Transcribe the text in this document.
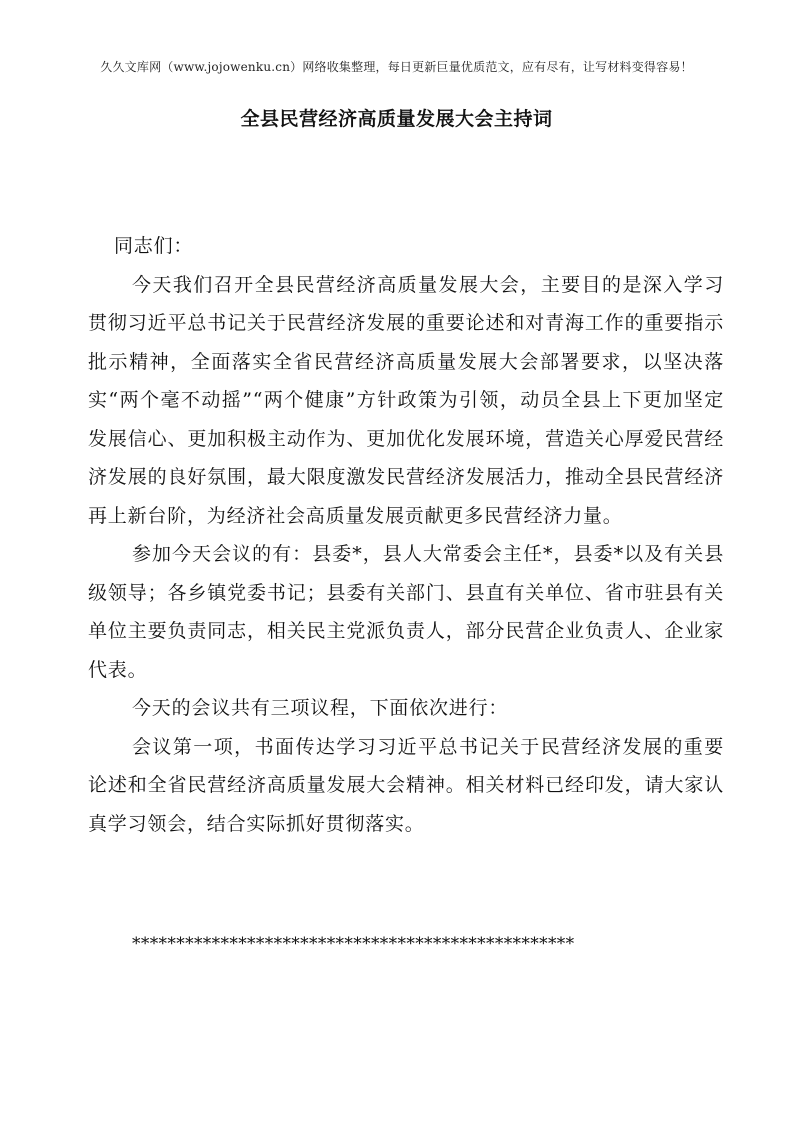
久久文库网（www.jojowenku.cn）网络收集整理，每日更新巨量优质范文，应有尽有，让写材料变得容易！
全县民营经济高质量发展大会主持词

同志们：

今天我们召开全县民营经济高质量发展大会，主要目的是深入学习贯彻习近平总书记关于民营经济发展的重要论述和对青海工作的重要指示批示精神，全面落实全省民营经济高质量发展大会部署要求，以坚决落实“两个毫不动摇”“两个健康”方针政策为引领，动员全县上下更加坚定发展信心、更加积极主动作为、更加优化发展环境，营造关心厚爱民营经济发展的良好氛围，最大限度激发民营经济发展活力，推动全县民营经济再上新台阶，为经济社会高质量发展贡献更多民营经济力量。

参加今天会议的有：县委*，县人大常委会主任*，县委*以及有关县级领导；各乡镇党委书记；县委有关部门、县直有关单位、省市驻县有关单位主要负责同志，相关民主党派负责人，部分民营企业负责人、企业家代表。

今天的会议共有三项议程，下面依次进行：

会议第一项，书面传达学习习近平总书记关于民营经济发展的重要论述和全省民营经济高质量发展大会精神。相关材料已经印发，请大家认真学习领会，结合实际抓好贯彻落实。

**************************************************
